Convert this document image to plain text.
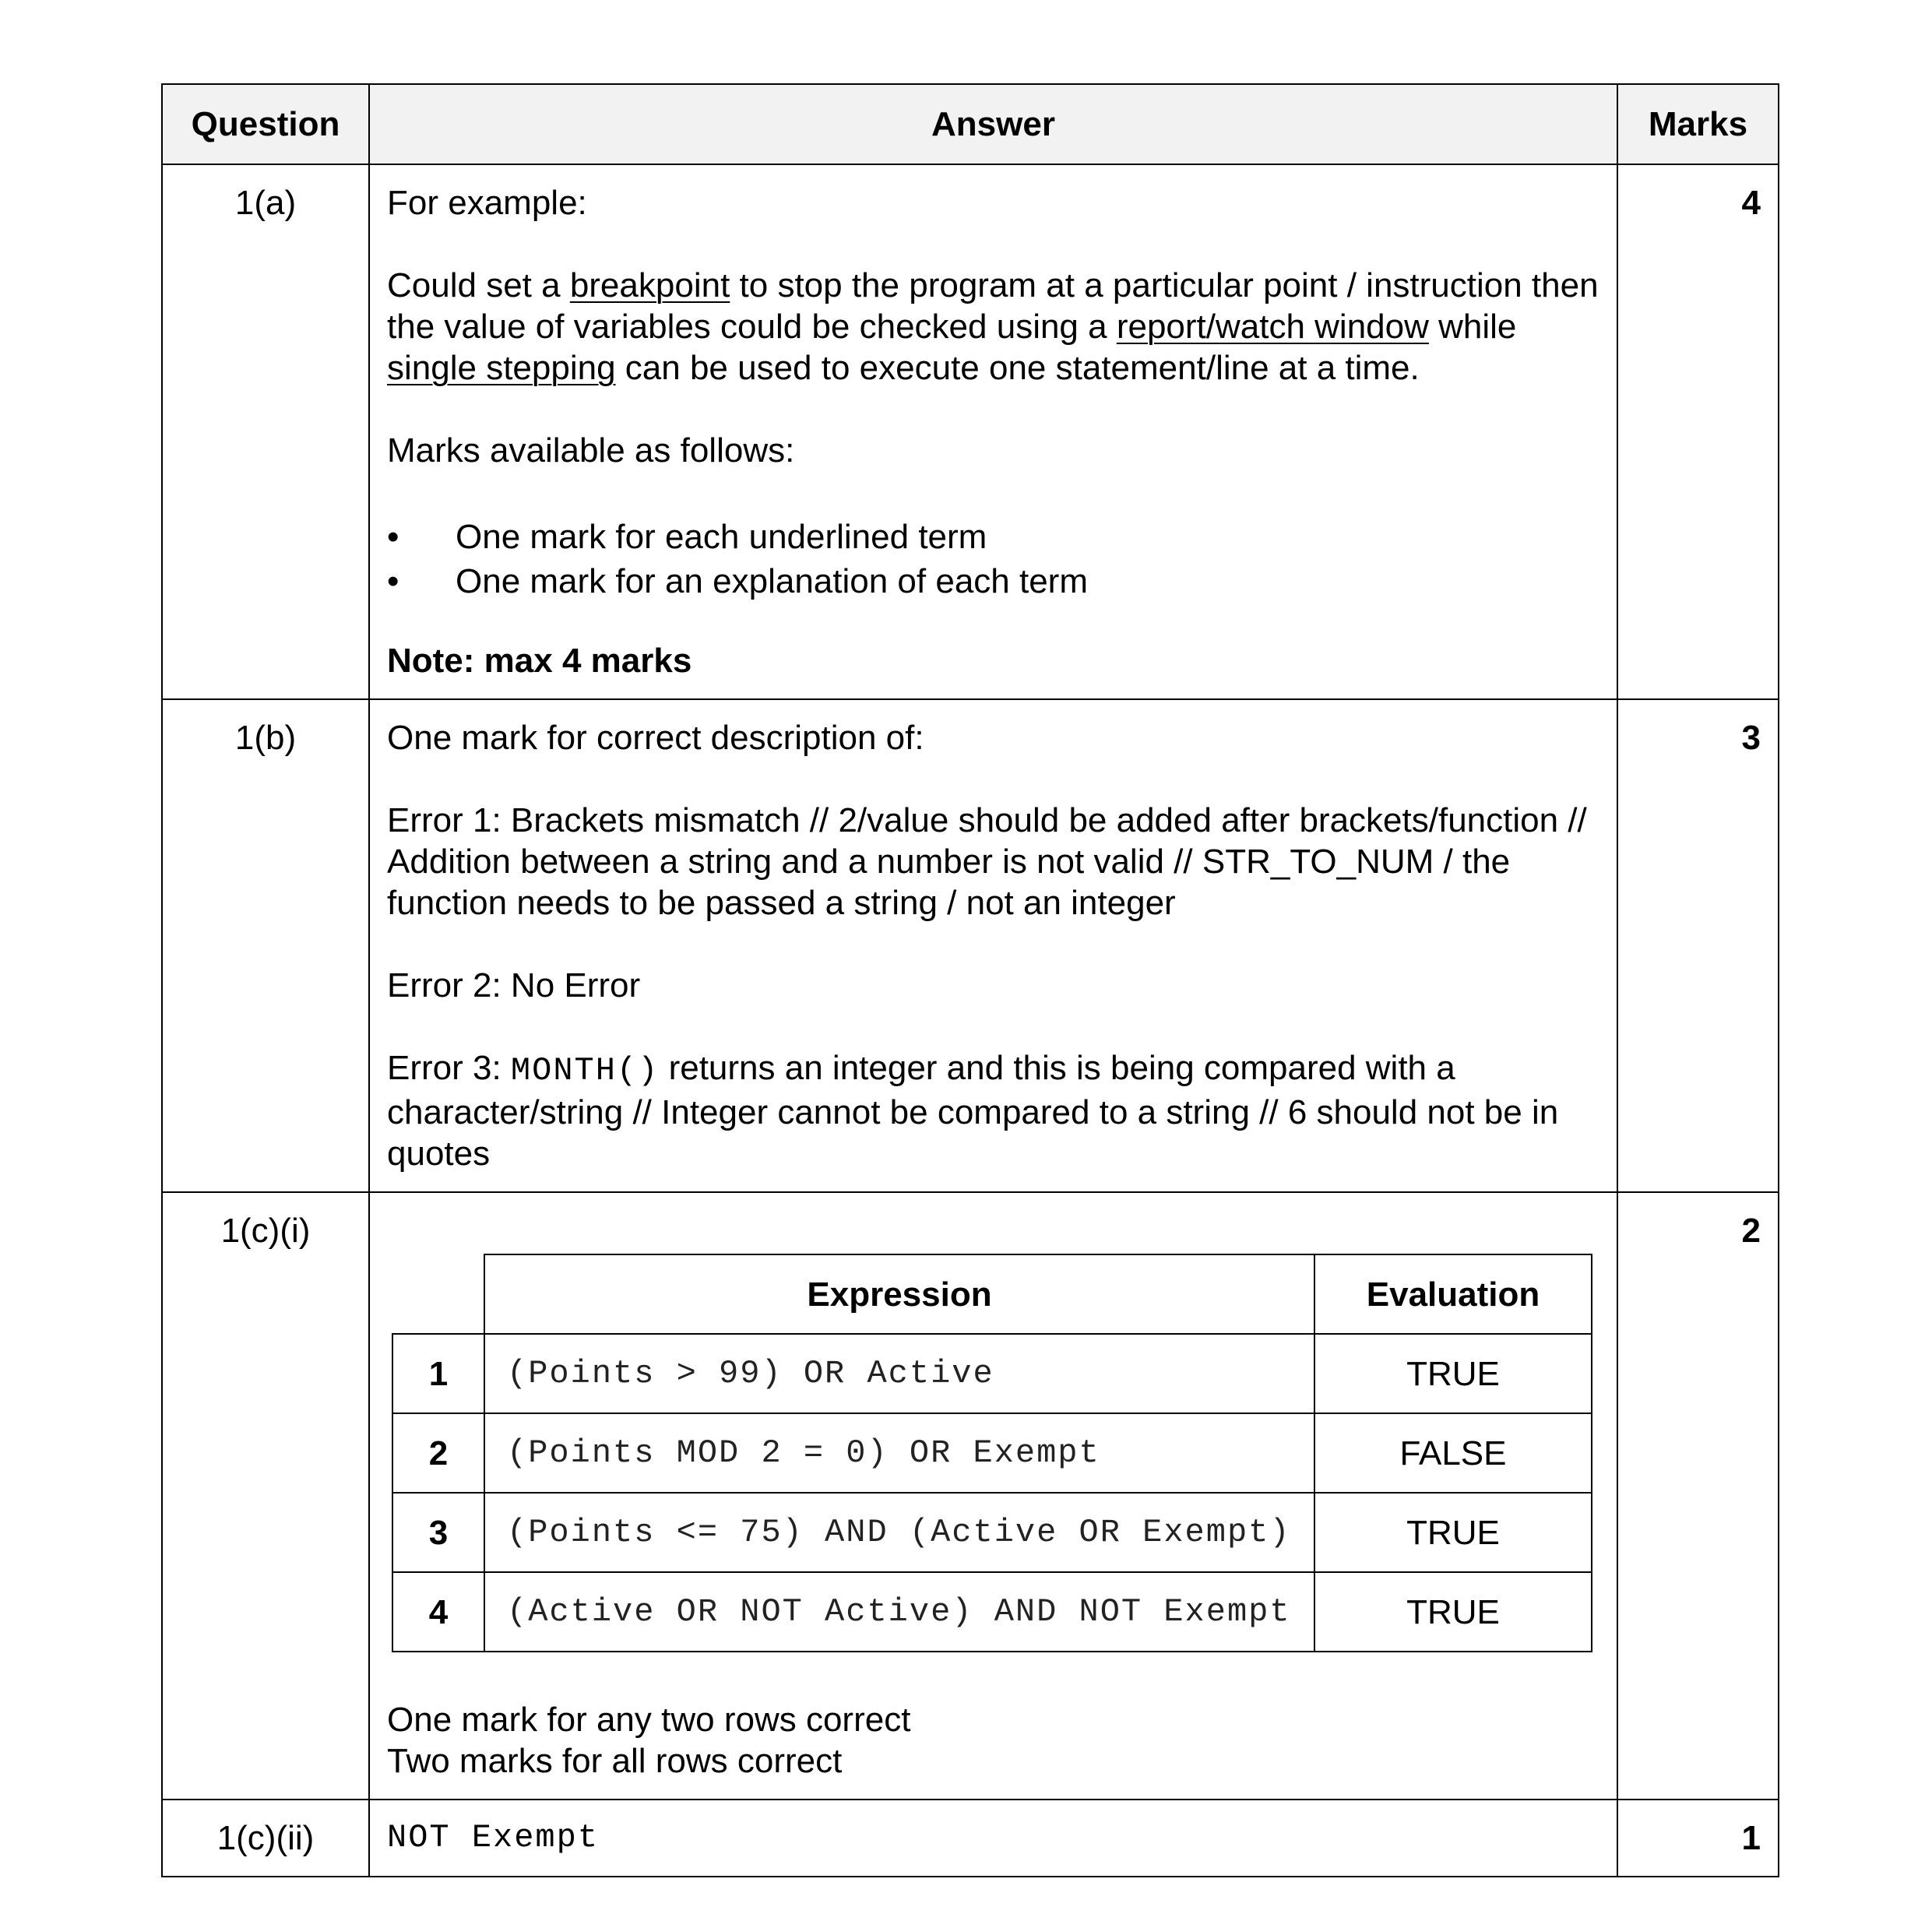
Question	Answer	Marks
1(a)	For example:

Could set a breakpoint to stop the program at a particular point / instruction then the value of variables could be checked using a report/watch window while single stepping can be used to execute one statement/line at a time.

Marks available as follows:

• One mark for each underlined term
• One mark for an explanation of each term

Note: max 4 marks

	4
1(b)	One mark for correct description of:

Error 1: Brackets mismatch // 2/value should be added after brackets/function // Addition between a string and a number is not valid // STR_TO_NUM / the function needs to be passed a string / not an integer

Error 2: No Error

Error 3: MONTH() returns an integer and this is being compared with a character/string // Integer cannot be compared to a string // 6 should not be in quotes

	3
1(c)(i)	
	Expression	Evaluation
1	(Points > 99) OR Active	TRUE
2	(Points MOD 2 = 0) OR Exempt	FALSE
3	(Points <= 75) AND (Active OR Exempt)	TRUE
4	(Active OR NOT Active) AND NOT Exempt	TRUE

One mark for any two rows correct

Two marks for all rows correct

	2
1(c)(ii)	NOT Exempt	1
